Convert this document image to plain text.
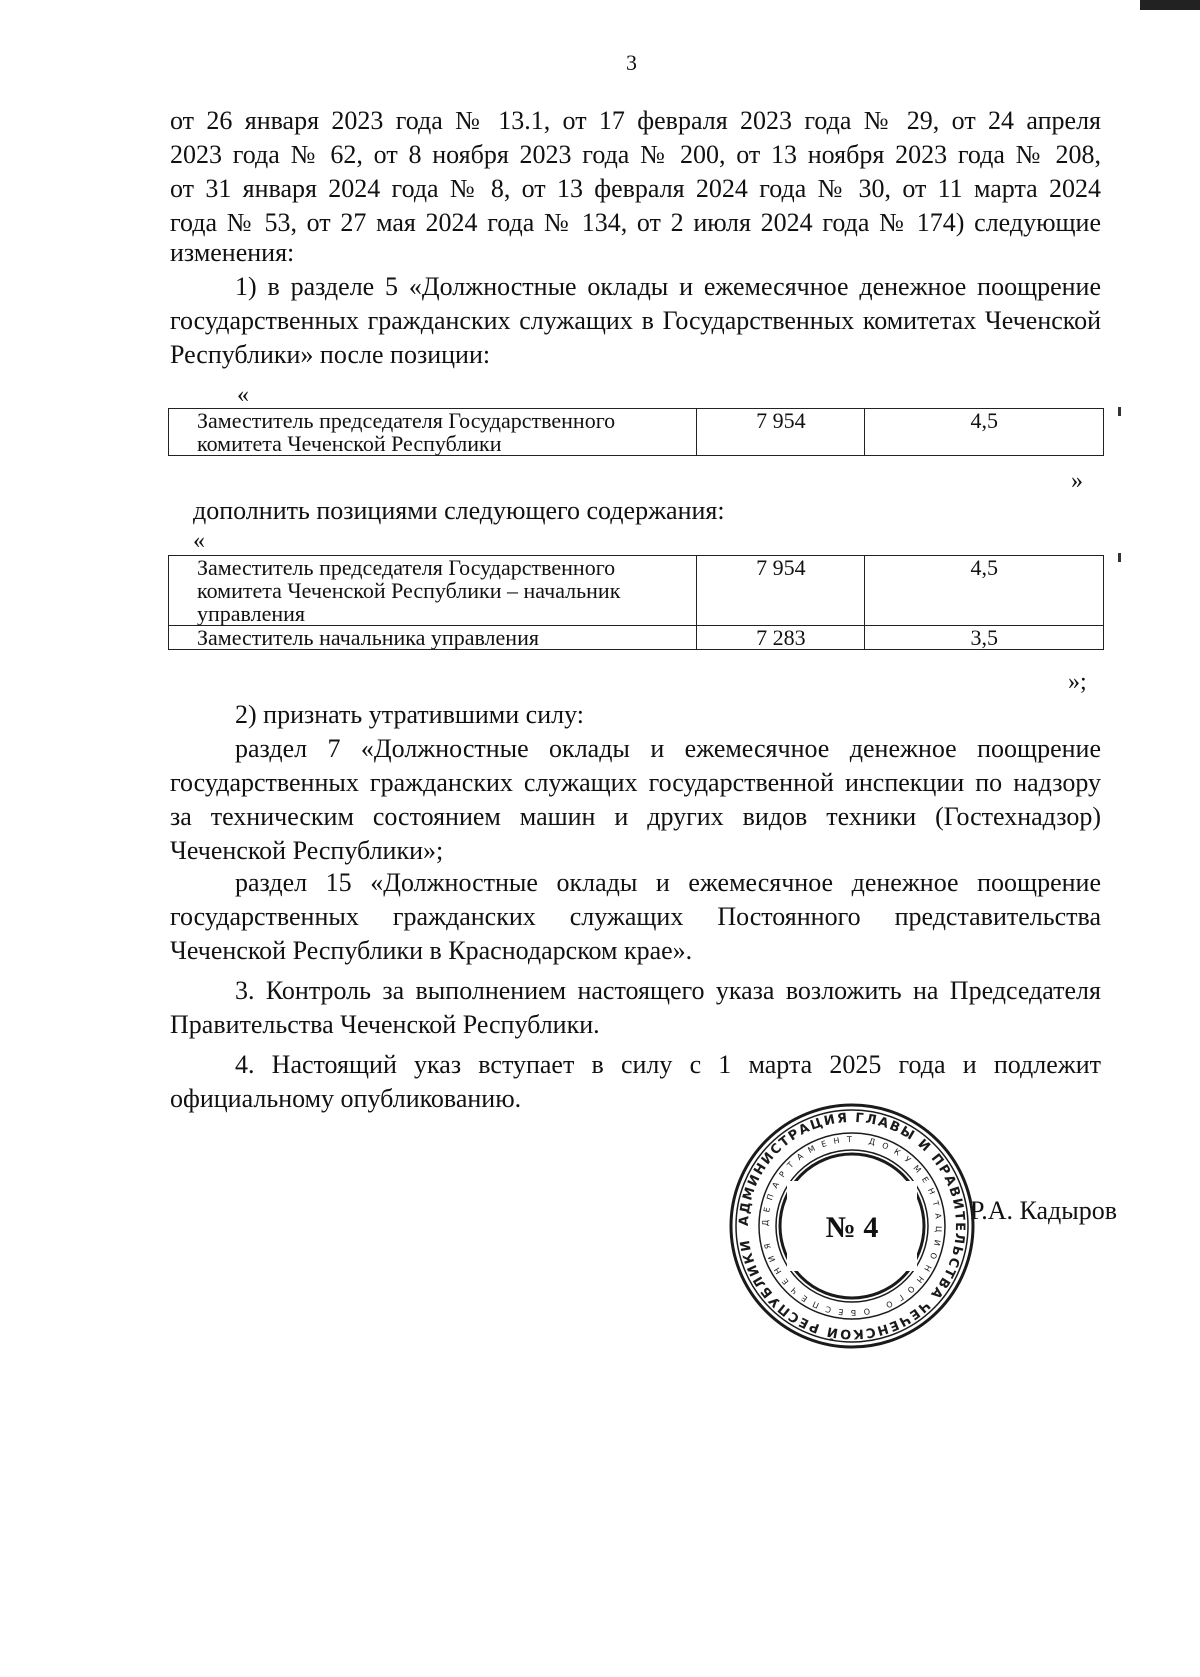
3
от 26 января 2023 года № 13.1, от 17 февраля 2023 года № 29, от 24 апреля
2023 года № 62, от 8 ноября 2023 года № 200, от 13 ноября 2023 года № 208,
от 31 января 2024 года № 8, от 13 февраля 2024 года № 30, от 11 марта 2024
года № 53, от 27 мая 2024 года № 134, от 2 июля 2024 года № 174) следующие
изменения:
1) в разделе 5 «Должностные оклады и ежемесячное денежное поощрение государственных гражданских служащих в Государственных комитетах Чеченской Республики» после позиции:
«
Заместитель председателя Государственного комитета Чеченской Республики	7 954	4,5
»
дополнить позициями следующего содержания:
«
Заместитель председателя Государственного комитета Чеченской Республики – начальник управления	7 954	4,5
Заместитель начальника управления	7 283	3,5
»;
2) признать утратившими силу:
раздел 7 «Должностные оклады и ежемесячное денежное поощрение государственных гражданских служащих государственной инспекции по надзору за техническим состоянием машин и других видов техники (Гостехнадзор) Чеченской Республики»;
раздел 15 «Должностные оклады и ежемесячное денежное поощрение государственных гражданских служащих Постоянного представительства Чеченской Республики в Краснодарском крае».
3. Контроль за выполнением настоящего указа возложить на Председателя Правительства Чеченской Республики.
4. Настоящий указ вступает в силу с 1 марта 2025 года и подлежит официальному опубликованию.
Р.А. Кадыров
АДМИНИСТРАЦИЯ ГЛАВЫ И ПРАВИТЕЛЬСТВА ЧЕЧЕНСКОЙ РЕСПУБЛИКИ
ДЕПАРТАМЕНТ ДОКУМЕНТАЦИОННОГО ОБЕСПЕЧЕНИЯ
№ 4
